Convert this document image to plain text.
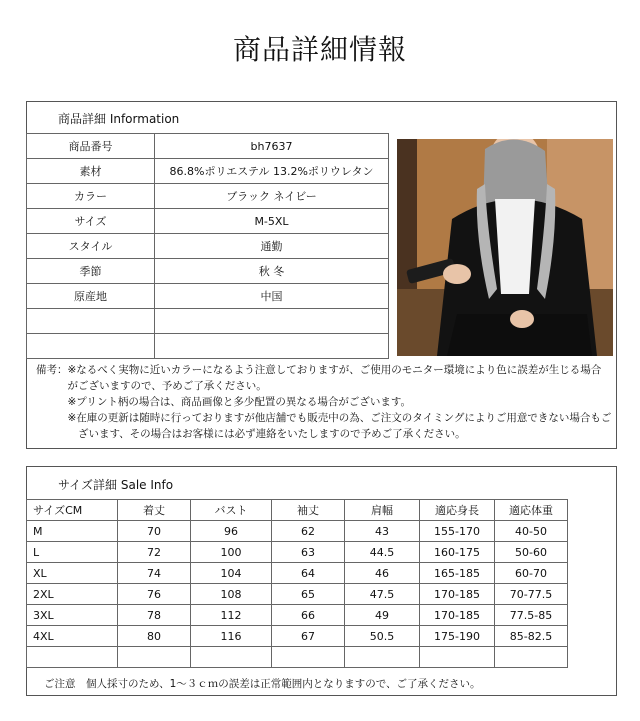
商品詳細情報
商品詳細 Information
商品番号	bh7637
素材	86.8%ポリエステル 13.2%ポリウレタン
カラー	ブラック ネイビー
サイズ	M-5XL
スタイル	通勤
季節	秋 冬
原産地	中国

備考：※なるべく実物に近いカラーになるよう注意しておりますが、ご使用のモニター環境により色に誤差が生じる場合
　　　がございますので、予めご了承ください。
　　　※プリント柄の場合は、商品画像と多少配置の異なる場合がございます。
　　　※在庫の更新は随時に行っておりますが他店舗でも販売中の為、ご注文のタイミングによりご用意できない場合もご
　　　　ざいます、その場合はお客様には必ず連絡をいたしますので予めご了承ください。
サイズ詳細 Sale Info
サイズCM	着丈	バスト	袖丈	肩幅	適応身長	適応体重
M	70	96	62	43	155-170	40-50
L	72	100	63	44.5	160-175	50-60
XL	74	104	64	46	165-185	60-70
2XL	76	108	65	47.5	170-185	70-77.5
3XL	78	112	66	49	170-185	77.5-85
4XL	80	116	67	50.5	175-190	85-82.5

ご注意　個人採寸のため、1～３ｃｍの誤差は正常範囲内となりますので、ご了承ください。
